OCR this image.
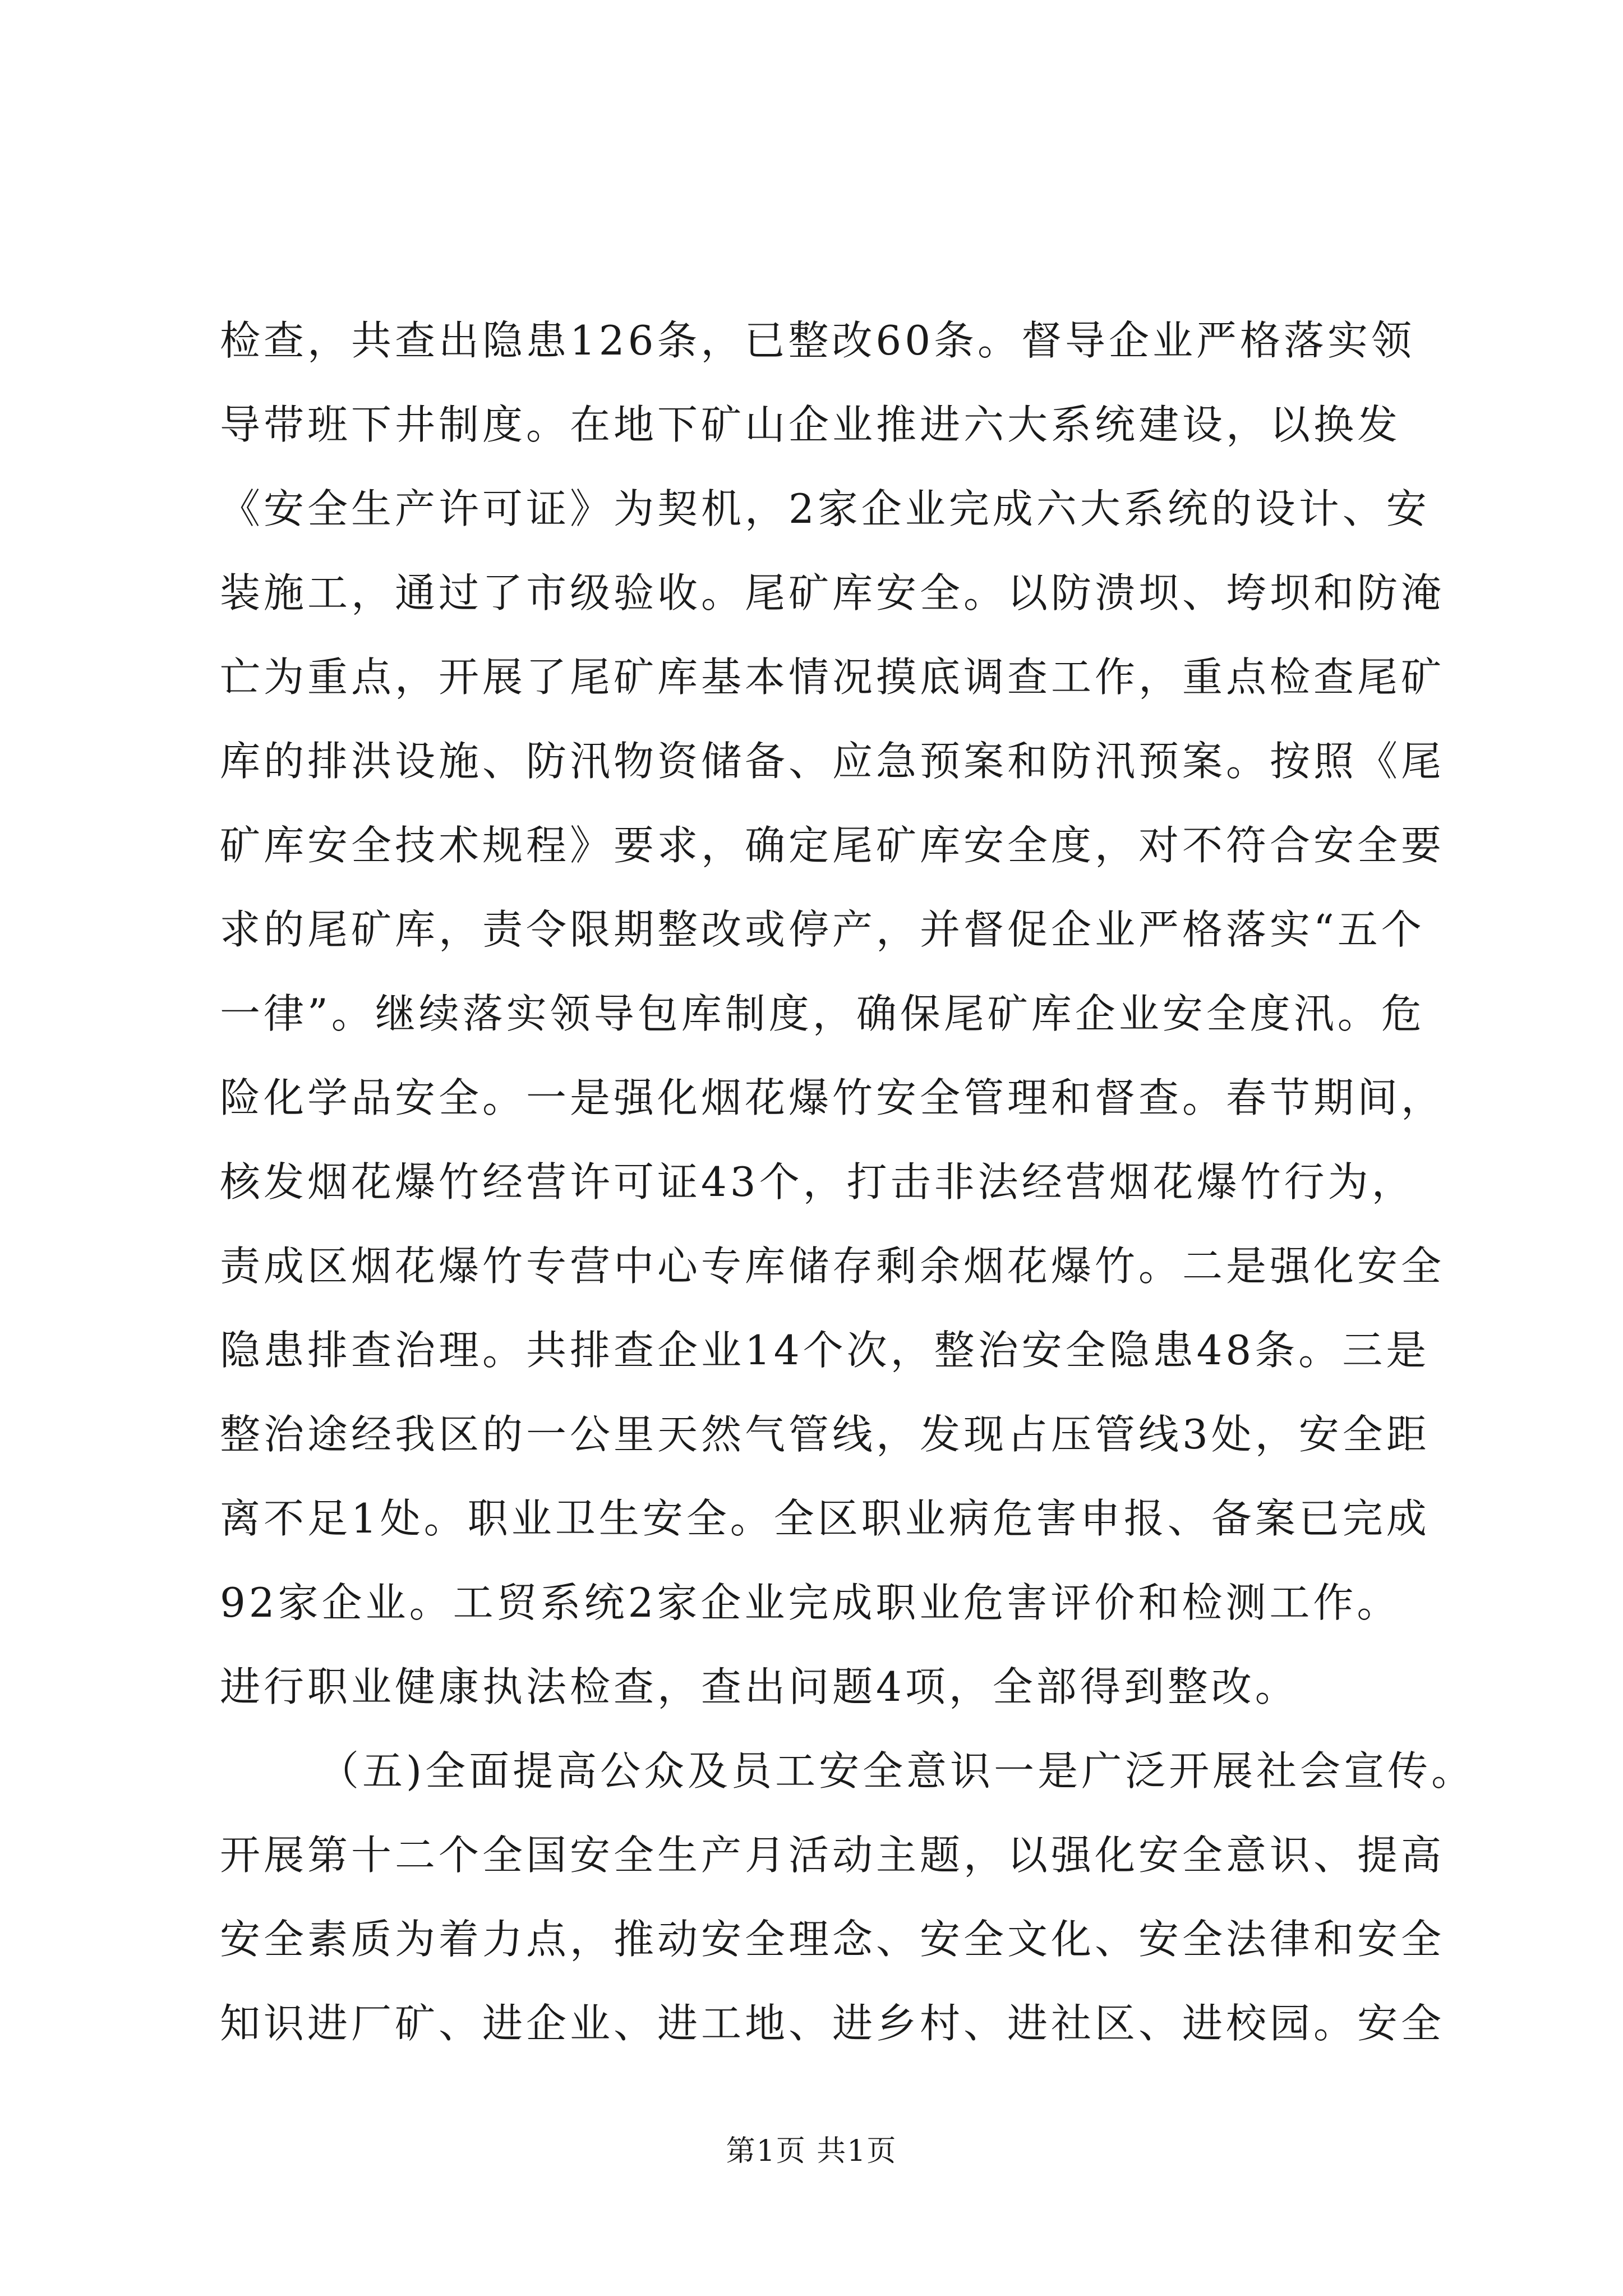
检查，共查出隐患126条，已整改60条。督导企业严格落实领
导带班下井制度。在地下矿山企业推进六大系统建设，以换发
《安全生产许可证》为契机，2家企业完成六大系统的设计、安
装施工，通过了市级验收。尾矿库安全。以防溃坝、垮坝和防淹
亡为重点，开展了尾矿库基本情况摸底调查工作，重点检查尾矿
库的排洪设施、防汛物资储备、应急预案和防汛预案。按照《尾
矿库安全技术规程》要求，确定尾矿库安全度，对不符合安全要
求的尾矿库，责令限期整改或停产，并督促企业严格落实“五个
一律”。继续落实领导包库制度，确保尾矿库企业安全度汛。危
险化学品安全。一是强化烟花爆竹安全管理和督查。春节期间，
核发烟花爆竹经营许可证43个，打击非法经营烟花爆竹行为，
责成区烟花爆竹专营中心专库储存剩余烟花爆竹。二是强化安全
隐患排查治理。共排查企业14个次，整治安全隐患48条。三是
整治途经我区的一公里天然气管线，发现占压管线3处，安全距
离不足1处。职业卫生安全。全区职业病危害申报、备案已完成
92家企业。工贸系统2家企业完成职业危害评价和检测工作。
进行职业健康执法检查，查出问题4项，全部得到整改。
（五)全面提高公众及员工安全意识一是广泛开展社会宣传。
开展第十二个全国安全生产月活动主题，以强化安全意识、提高
安全素质为着力点，推动安全理念、安全文化、安全法律和安全
知识进厂矿、进企业、进工地、进乡村、进社区、进校园。安全
第1页 共1页
